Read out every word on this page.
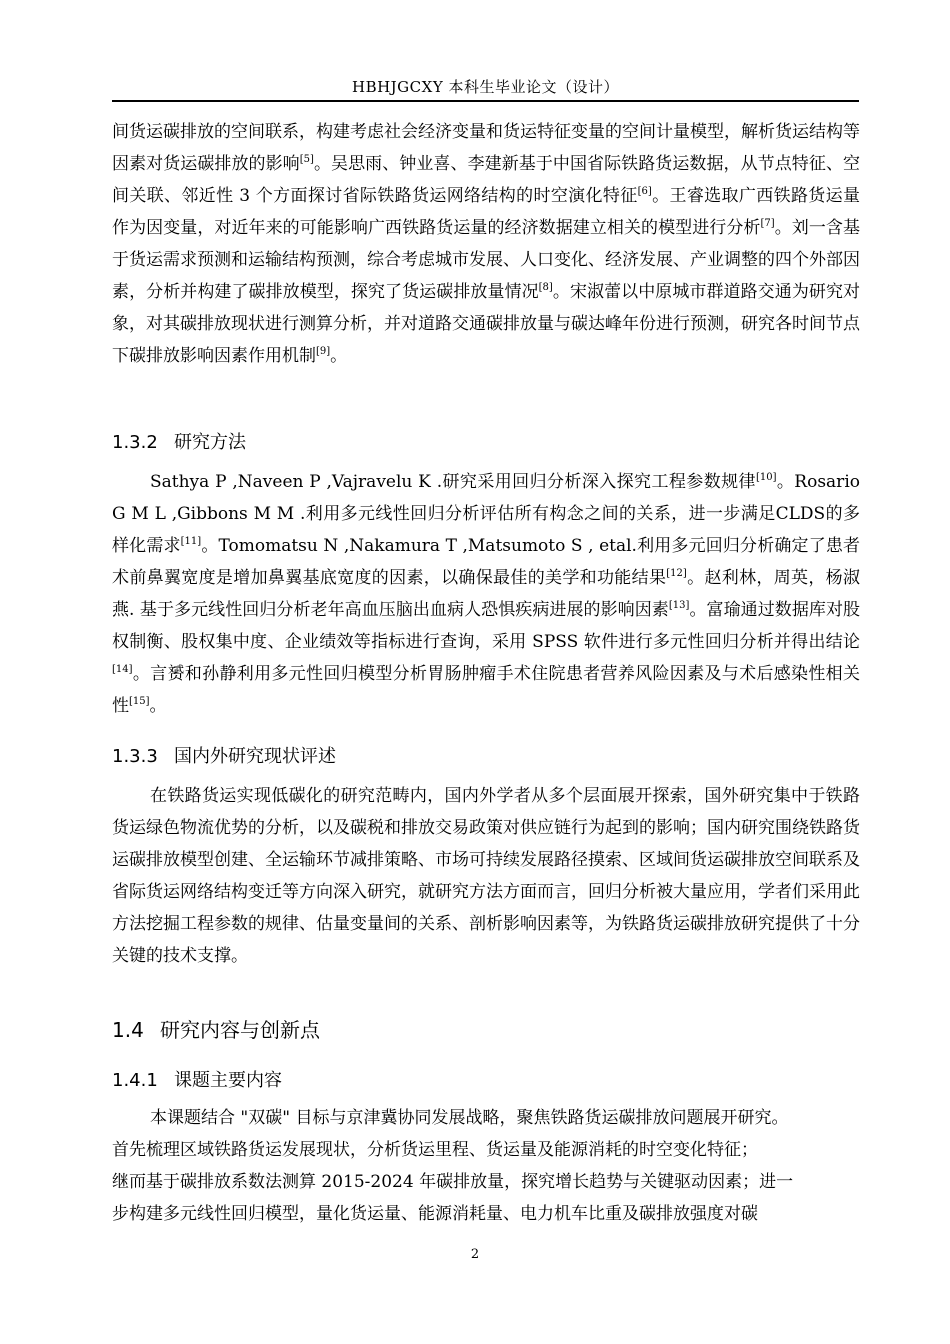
HBHJGCXY 本科生毕业论文（设计）
间货运碳排放的空间联系，构建考虑社会经济变量和货运特征变量的空间计量模型，解析货运结构等因素对货运碳排放的影响[5]。吴思雨、钟业喜、李建新基于中国省际铁路货运数据，从节点特征、空间关联、邻近性 3 个方面探讨省际铁路货运网络结构的时空演化特征[6]。王睿选取广西铁路货运量作为因变量，对近年来的可能影响广西铁路货运量的经济数据建立相关的模型进行分析[7]。刘一含基于货运需求预测和运输结构预测，综合考虑城市发展、人口变化、经济发展、产业调整的四个外部因素，分析并构建了碳排放模型，探究了货运碳排放量情况[8]。宋淑蕾以中原城市群道路交通为研究对象，对其碳排放现状进行测算分析，并对道路交通碳排放量与碳达峰年份进行预测，研究各时间节点下碳排放影响因素作用机制[9]。
1.3.2 研究方法
Sathya P ,Naveen P ,Vajravelu K .研究采用回归分析深入探究工程参数规律[10]。Rosario G M L ,Gibbons M M .利用多元线性回归分析评估所有构念之间的关系，进一步满足CLDS的多样化需求[11]。Tomomatsu N ,Nakamura T ,Matsumoto S , etal.利用多元回归分析确定了患者术前鼻翼宽度是增加鼻翼基底宽度的因素，以确保最佳的美学和功能结果[12]。赵利林，周英，杨淑燕. 基于多元线性回归分析老年高血压脑出血病人恐惧疾病进展的影响因素[13]。富瑜通过数据库对股权制衡、股权集中度、企业绩效等指标进行查询，采用 SPSS 软件进行多元性回归分析并得出结论[14]。言赟和孙静利用多元性回归模型分析胃肠肿瘤手术住院患者营养风险因素及与术后感染性相关性[15]。
1.3.3 国内外研究现状评述
在铁路货运实现低碳化的研究范畴内，国内外学者从多个层面展开探索，国外研究集中于铁路货运绿色物流优势的分析，以及碳税和排放交易政策对供应链行为起到的影响；国内研究围绕铁路货运碳排放模型创建、全运输环节减排策略、市场可持续发展路径摸索、区域间货运碳排放空间联系及省际货运网络结构变迁等方向深入研究，就研究方法方面而言，回归分析被大量应用，学者们采用此方法挖掘工程参数的规律、估量变量间的关系、剖析影响因素等，为铁路货运碳排放研究提供了十分关键的技术支撑。
1.4 研究内容与创新点
1.4.1 课题主要内容
本课题结合 "双碳" 目标与京津冀协同发展战略，聚焦铁路货运碳排放问题展开研究。
首先梳理区域铁路货运发展现状，分析货运里程、货运量及能源消耗的时空变化特征；
继而基于碳排放系数法测算 2015-2024 年碳排放量，探究增长趋势与关键驱动因素；进一
步构建多元线性回归模型，量化货运量、能源消耗量、电力机车比重及碳排放强度对碳
2
